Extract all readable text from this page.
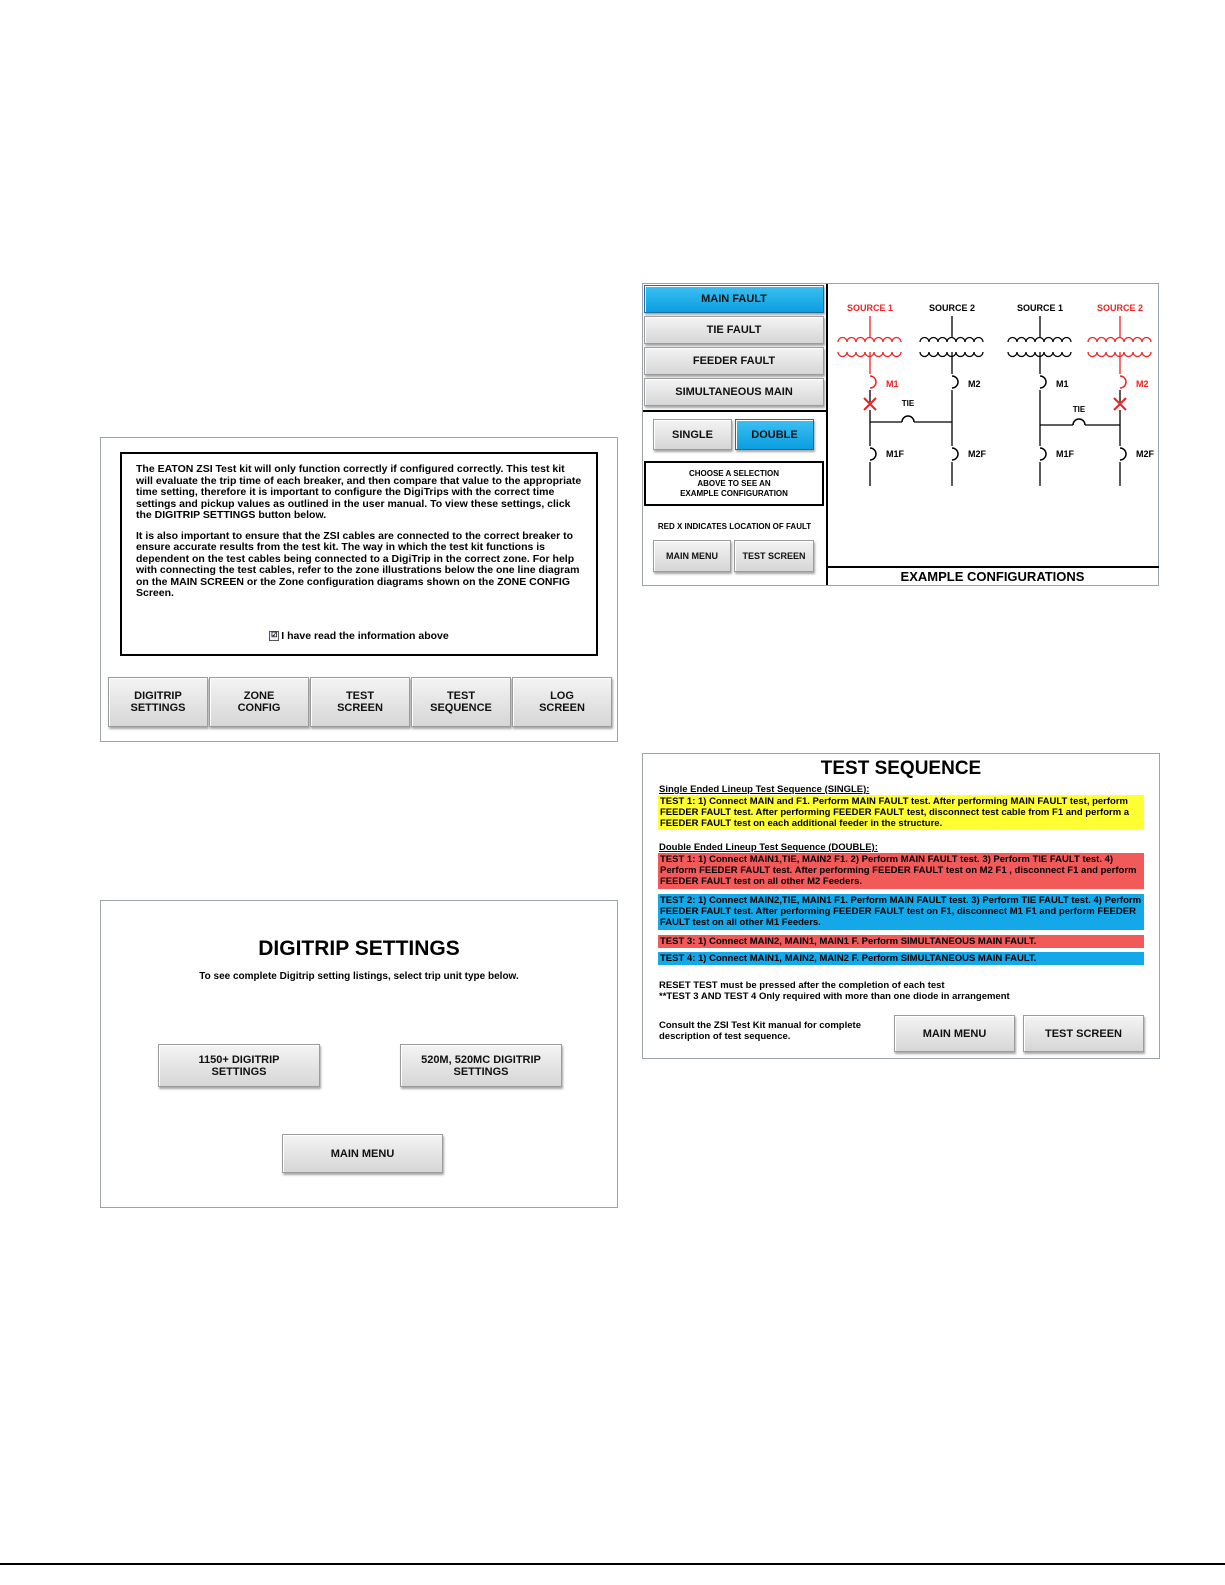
The EATON ZSI Test kit will only function correctly if configured correctly. This test kit will evaluate the trip time of each breaker, and then compare that value to the appropriate time setting, therefore it is important to configure the DigiTrips with the correct time settings and pickup values as outlined in the user manual. To view these settings, click the DIGITRIP SETTINGS button below.

It is also important to ensure that the ZSI cables are connected to the correct breaker to ensure accurate results from the test kit. The way in which the test kit functions is dependent on the test cables being connected to a DigiTrip in the correct zone. For help with connecting the test cables, refer to the zone illustrations below the one line diagram on the MAIN SCREEN or the Zone configuration diagrams shown on the ZONE CONFIG Screen.

☑ I have read the information above
DIGITRIP
SETTINGS
ZONE
CONFIG
TEST
SCREEN
TEST
SEQUENCE
LOG
SCREEN
MAIN FAULT
TIE FAULT
FEEDER FAULT
SIMULTANEOUS MAIN
SINGLE	DOUBLE
CHOOSE A SELECTION
ABOVE TO SEE AN
EXAMPLE CONFIGURATION
RED X INDICATES LOCATION OF FAULT
MAIN MENU	TEST SCREEN
SOURCE 1	SOURCE 2
M1
M1F
M2
M2F
TIE
SOURCE 1	SOURCE 2
M1
M1F
M2
M2F
TIE
EXAMPLE CONFIGURATIONS
DIGITRIP SETTINGS
To see complete Digitrip setting listings, select trip unit type below.
1150+ DIGITRIP
SETTINGS
520M, 520MC DIGITRIP
SETTINGS
MAIN MENU
TEST SEQUENCE
Single Ended Lineup Test Sequence (SINGLE):
TEST 1: 1) Connect MAIN and F1. Perform MAIN FAULT test. After performing MAIN FAULT test, perform FEEDER FAULT test. After performing FEEDER FAULT test, disconnect test cable from F1 and perform a FEEDER FAULT test on each additional feeder in the structure.
Double Ended Lineup Test Sequence (DOUBLE):
TEST 1: 1) Connect MAIN1,TIE, MAIN2 F1. 2) Perform MAIN FAULT test. 3) Perform TIE FAULT test. 4) Perform FEEDER FAULT test. After performing FEEDER FAULT test on M2 F1 , disconnect F1 and perform FEEDER FAULT test on all other M2 Feeders.
TEST 2: 1) Connect MAIN2,TIE, MAIN1 F1. Perform MAIN FAULT test. 3) Perform TIE FAULT test. 4) Perform FEEDER FAULT test. After performing FEEDER FAULT test on F1, disconnect M1 F1 and perform FEEDER FAULT test on all other M1 Feeders.
TEST 3: 1) Connect MAIN2, MAIN1, MAIN1 F. Perform SIMULTANEOUS MAIN FAULT.
TEST 4: 1) Connect MAIN1, MAIN2, MAIN2 F. Perform SIMULTANEOUS MAIN FAULT.
RESET TEST must be pressed after the completion of each test
**TEST 3 AND TEST 4 Only required with more than one diode in arrangement
Consult the ZSI Test Kit manual for complete
description of test sequence.	MAIN MENU	TEST SCREEN
